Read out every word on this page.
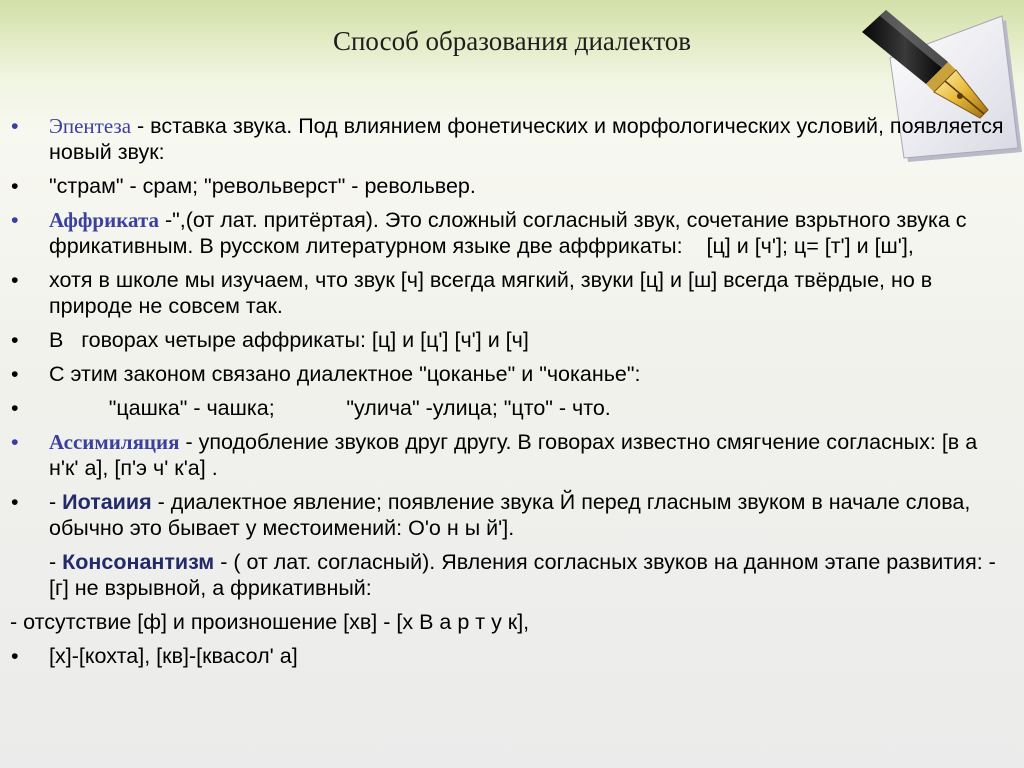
Способ образования диалектов
• Эпентеза - вставка звука. Под влиянием фонетических и морфологических условий, появляется новый звук:
• "страм" - срам; "револьверст" - револьвер.
• Аффриката -",(от лат. притёртая). Это сложный согласный звук, сочетание взрьтного звука с фрикативным. В русском литературном языке две аффрикаты:    [ц] и [ч']; ц= [т'] и [ш'],
• хотя в школе мы изучаем, что звук [ч] всегда мягкий, звуки [ц] и [ш] всегда твёрдые, но в природе не совсем так.
• В   говорах четыре аффрикаты: [ц] и [ц'] [ч'] и [ч]
• С этим законом связано диалектное "цоканье" и "чоканье":
• "цашка" - чашка;            "улича" -улица; "цто" - что.
• Ассимиляция - уподобление звуков друг другу. В говорах известно смягчение согласных: [в а н'к' а], [п'э ч' к'а] .
• - Иотаиия - диалектное явление; появление звука Й перед гласным звуком в начале слова, обычно это бывает у местоимений: О'о н ы й'].
- Консонантизм - ( от лат. согласный). Явления согласных звуков на данном этапе развития: - [г] не взрывной, а фрикативный:
- отсутствие [ф] и произношение [хв] - [х В а р т у к],
• [х]-[кохта], [кв]-[квасол' а]
